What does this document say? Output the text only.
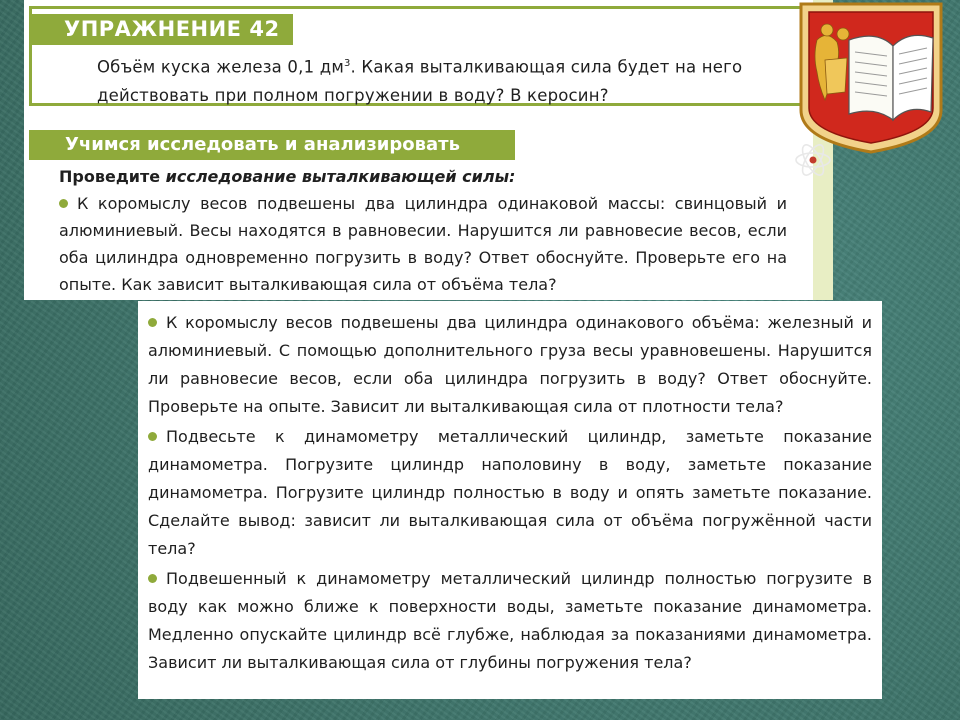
УПРАЖНЕНИЕ 42
Объём куска железа 0,1 $дм^3$. Какая выталкивающая сила будет на него действовать при полном погружении в воду? В керосин?
Учимся исследовать и анализировать
Проведите исследование выталкивающей силы:
К коромыслу весов подвешены два цилиндра одинаковой массы: свинцовый и алюминиевый. Весы находятся в равновесии. Нарушится ли равновесие весов, если оба цилиндра одновременно погрузить в воду? Ответ обоснуйте. Проверьте его на опыте. Как зависит выталкивающая сила от объёма тела?
К коромыслу весов подвешены два цилиндра одинакового объёма: железный и алюминиевый. С помощью дополнительного груза весы уравновешены. Нарушится ли равновесие весов, если оба цилиндра погрузить в воду? Ответ обоснуйте. Проверьте на опыте. Зависит ли выталкивающая сила от плотности тела?
Подвесьте к динамометру металлический цилиндр, заметьте показание динамометра. Погрузите цилиндр наполовину в воду, заметьте показание динамометра. Погрузите цилиндр полностью в воду и опять заметьте показание. Сделайте вывод: зависит ли выталкивающая сила от объёма погружённой части тела?
Подвешенный к динамометру металлический цилиндр полностью погрузите в воду как можно ближе к поверхности воды, заметьте показание динамометра. Медленно опускайте цилиндр всё глубже, наблюдая за показаниями динамометра. Зависит ли выталкивающая сила от глубины погружения тела?
